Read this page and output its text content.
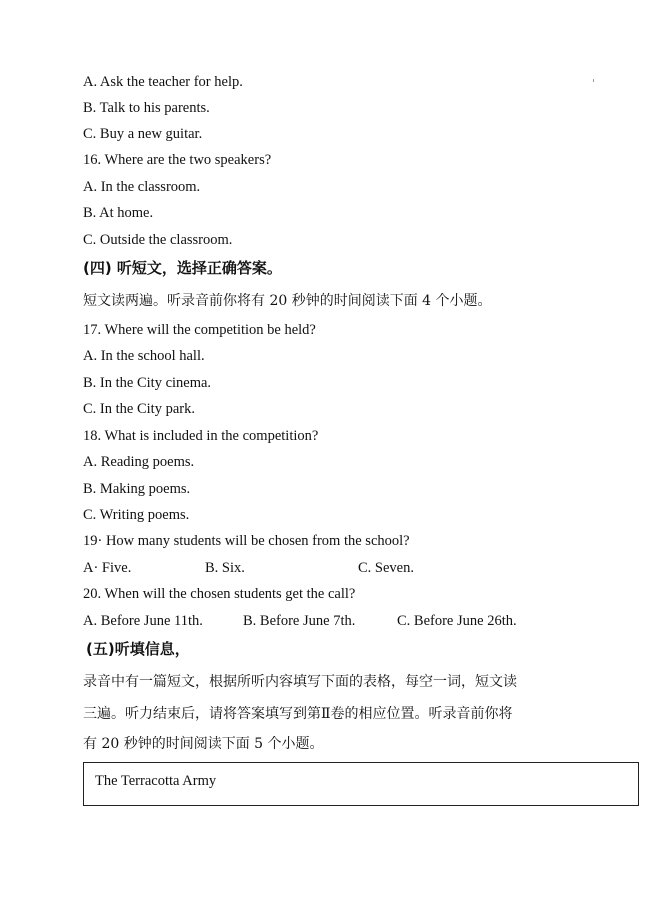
A. Ask the teacher for help.
B. Talk to his parents.
C. Buy a new guitar.
16. Where are the two speakers?
A. In the classroom.
B. At home.
C. Outside the classroom.
(四) 听短文，选择正确答案。
短文读两遍。听录音前你将有 20 秒钟的时间阅读下面 4 个小题。
17. Where will the competition be held?
A. In the school hall.
B. In the City cinema.
C. In the City park.
18. What is included in the competition?
A. Reading poems.
B. Making poems.
C. Writing poems.
19· How many students will be chosen from the school?
A· Five.	B. Six.	C. Seven.
20. When will the chosen students get the call?
A. Before June 11th.	B. Before June 7th.	C. Before June 26th.
(五)听填信息，
录音中有一篇短文，根据所听内容填写下面的表格，每空一词，短文读
三遍。听力结束后，请将答案填写到第Ⅱ卷的相应位置。听录音前你将
有 20 秒钟的时间阅读下面 5 个小题。
The Terracotta Army
